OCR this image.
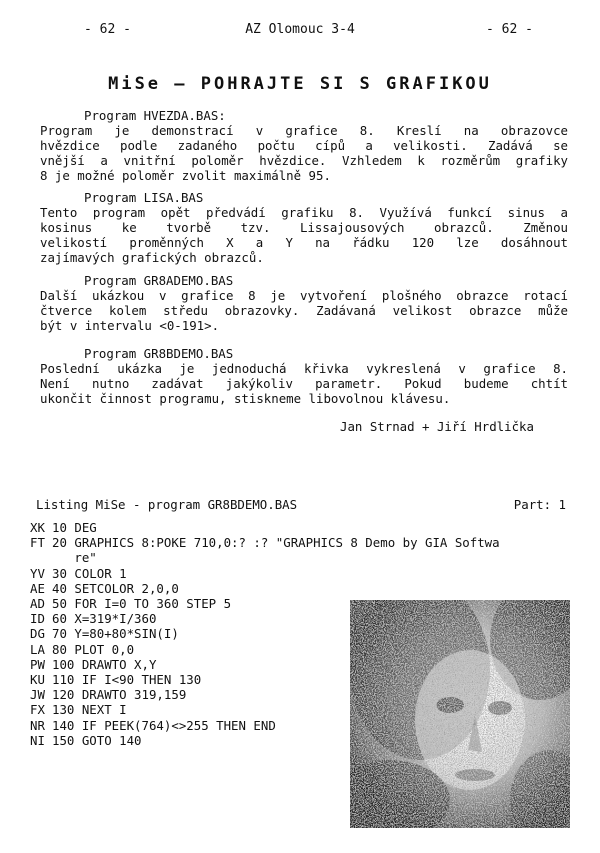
- 62 -	AZ Olomouc 3-4	- 62 -
MiSe — POHRAJTE SI S GRAFIKOU
Program HVEZDA.BAS:
Program je demonstrací v grafice 8. Kreslí na obrazovce
hvězdice podle zadaného počtu cípů a velikosti. Zadává se
vnější a vnitřní poloměr hvězdice. Vzhledem k rozměrům grafiky
8 je možné poloměr zvolit maximálně 95.
Program LISA.BAS
Tento program opět předvádí grafiku 8. Využívá funkcí sinus a
kosinus ke tvorbě tzv. Lissajousových obrazců. Změnou
velikostí proměnných X a Y na řádku 120 lze dosáhnout
zajímavých grafických obrazců.
Program GR8ADEMO.BAS
Další ukázkou v grafice 8 je vytvoření plošného obrazce rotací
čtverce kolem středu obrazovky. Zadávaná velikost obrazce může
být v intervalu <0-191>.
Program GR8BDEMO.BAS
Poslední ukázka je jednoduchá křivka vykreslená v grafice 8.
Není nutno zadávat jakýkoliv parametr. Pokud budeme chtít
ukončit činnost programu, stiskneme libovolnou klávesu.
Jan Strnad + Jiří Hrdlička
Listing MiSe - program GR8BDEMO.BAS	Part: 1
XK 10 DEG
FT 20 GRAPHICS 8:POKE 710,0:? :? "GRAPHICS 8 Demo by GIA Softwa
re"
YV 30 COLOR 1
AE 40 SETCOLOR 2,0,0
AD 50 FOR I=0 TO 360 STEP 5
ID 60 X=319*I/360
DG 70 Y=80+80*SIN(I)
LA 80 PLOT 0,0
PW 100 DRAWTO X,Y
KU 110 IF I<90 THEN 130
JW 120 DRAWTO 319,159
FX 130 NEXT I
NR 140 IF PEEK(764)<>255 THEN END
NI 150 GOTO 140
